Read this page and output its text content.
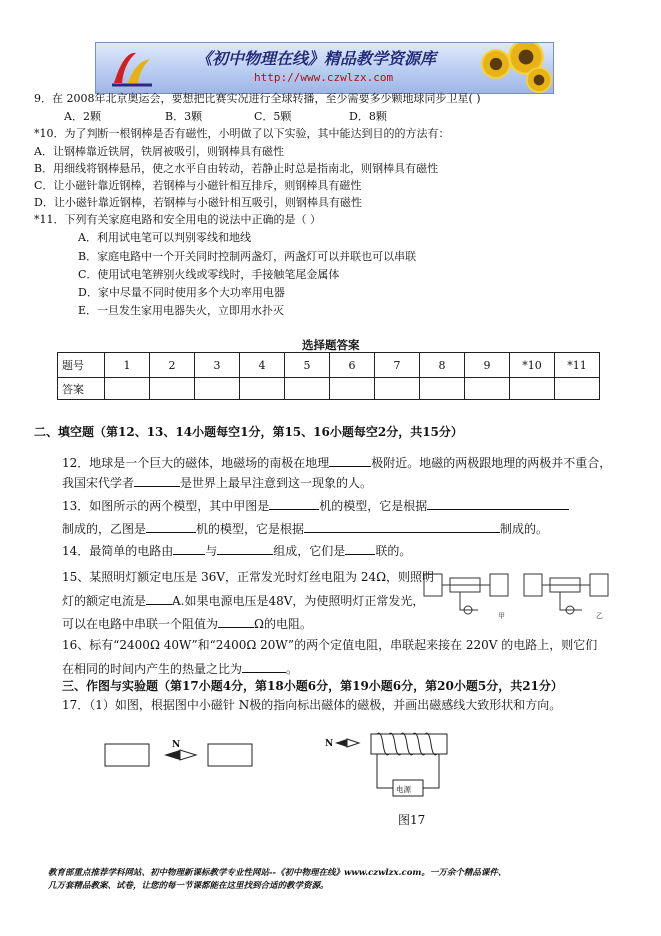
《初中物理在线》精品教学资源库
http://www.czwlzx.com
9．在 2008年北京奥运会，要想把比赛实况进行全球转播，至少需要多少颗地球同步卫星( )
A．2颗	B．3颗	C．5颗	D．8颗
*10．为了判断一根钢棒是否有磁性，小明做了以下实验，其中能达到目的的方法有：
A．让钢棒靠近铁屑，铁屑被吸引，则钢棒具有磁性
B．用细线将钢棒悬吊，使之水平自由转动，若静止时总是指南北，则钢棒具有磁性
C．让小磁针靠近钢棒，若钢棒与小磁针相互排斥，则钢棒具有磁性
D．让小磁针靠近钢棒，若钢棒与小磁针相互吸引，则钢棒具有磁性
*11．下列有关家庭电路和安全用电的说法中正确的是（ ）
A．利用试电笔可以判别零线和地线
B．家庭电路中一个开关同时控制两盏灯，两盏灯可以并联也可以串联
C．使用试电笔辨别火线或零线时，手接触笔尾金属体
D．家中尽量不同时使用多个大功率用电器
E．一旦发生家用电器失火，立即用水扑灭
选择题答案
题号	1	2	3	4	5	6	7	8	9	*10	*11
答案											
二、填空题（第12、13、14小题每空1分，第15、16小题每空2分，共15分）
12．地球是一个巨大的磁体，地磁场的南极在地理	极附近。地磁的两极跟地理的两极并不重合，
我国宋代学者	是世界上最早注意到这一现象的人。
13．如图所示的两个模型，其中甲图是	机的模型，它是根据
制成的，乙图是	机的模型，它是根据	制成的。
14．最简单的电路由	与	组成，它们是	联的。
15、某照明灯额定电压是 36V，正常发光时灯丝电阻为 24Ω，则照明
灯的额定电流是 A.如果电源电压是48V，为使照明灯正常发光，
可以在电路中串联一个阻值为	Ω的电阻。
甲	乙
16、标有“2400Ω 40W”和“2400Ω 20W”的两个定值电阻，串联起来接在 220V 的电路上，则它们
在相同的时间内产生的热量之比为	。
三、作图与实验题（第17小题4分，第18小题6分，第19小题6分，第20小题5分，共21分）
17．（1）如图，根据图中小磁针 N极的指向标出磁体的磁极，并画出磁感线大致形状和方向。
N	N
电源
图17
教育部重点推荐学科网站、初中物理新课标教学专业性网站--《初中物理在线》www.czwlzx.com。一万余个精品课件、
几万套精品教案、试卷，让您的每一节课都能在这里找到合适的教学资源。
